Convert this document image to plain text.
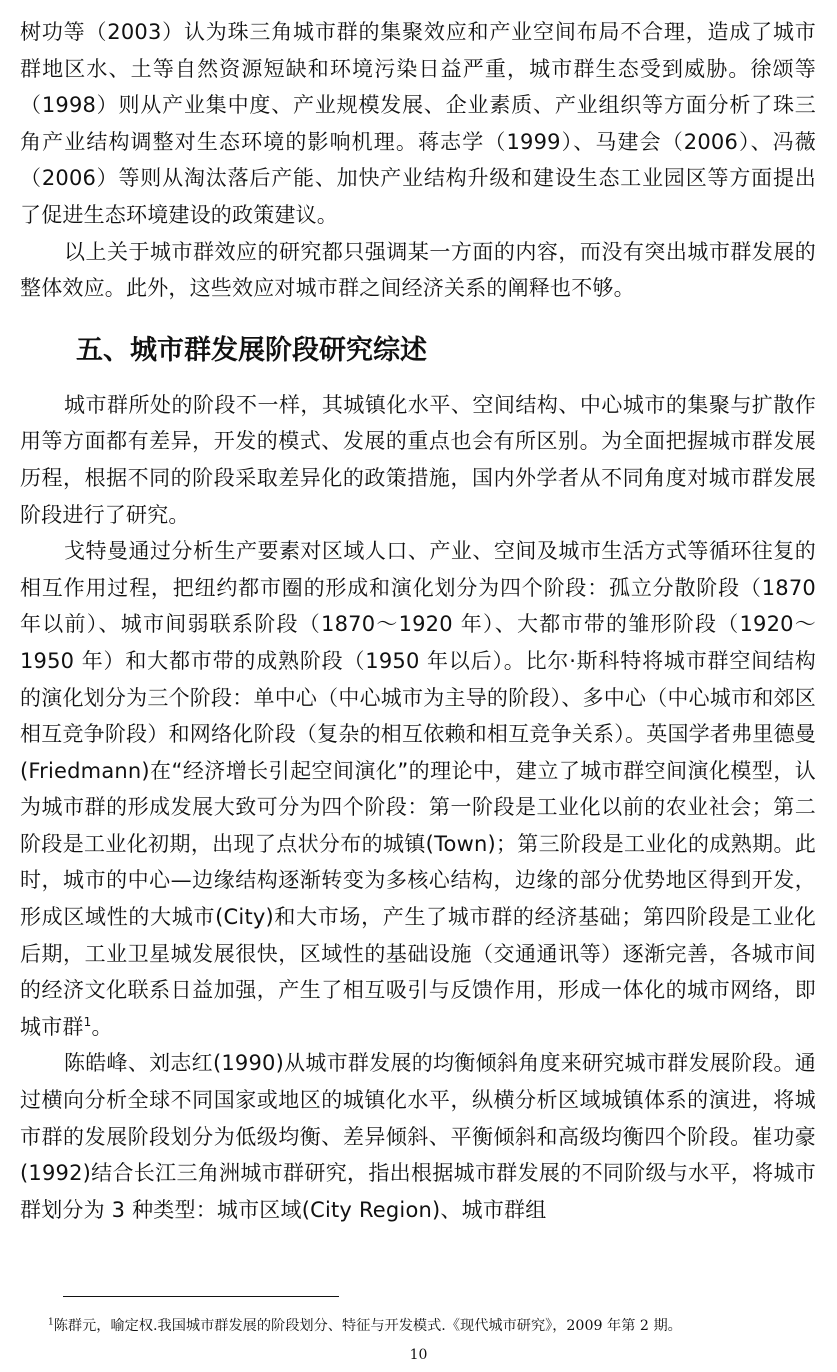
树功等（2003）认为珠三角城市群的集聚效应和产业空间布局不合理，造成了城市群地区水、土等自然资源短缺和环境污染日益严重，城市群生态受到威胁。徐颂等（1998）则从产业集中度、产业规模发展、企业素质、产业组织等方面分析了珠三角产业结构调整对生态环境的影响机理。蒋志学（1999）、马建会（2006）、冯薇（2006）等则从淘汰落后产能、加快产业结构升级和建设生态工业园区等方面提出了促进生态环境建设的政策建议。

以上关于城市群效应的研究都只强调某一方面的内容，而没有突出城市群发展的整体效应。此外，这些效应对城市群之间经济关系的阐释也不够。

五、城市群发展阶段研究综述

城市群所处的阶段不一样，其城镇化水平、空间结构、中心城市的集聚与扩散作用等方面都有差异，开发的模式、发展的重点也会有所区别。为全面把握城市群发展历程，根据不同的阶段采取差异化的政策措施，国内外学者从不同角度对城市群发展阶段进行了研究。

戈特曼通过分析生产要素对区域人口、产业、空间及城市生活方式等循环往复的相互作用过程，把纽约都市圈的形成和演化划分为四个阶段：孤立分散阶段（1870 年以前）、城市间弱联系阶段（1870～1920 年）、大都市带的雏形阶段（1920～1950 年）和大都市带的成熟阶段（1950 年以后）。比尔·斯科特将城市群空间结构的演化划分为三个阶段：单中心（中心城市为主导的阶段）、多中心（中心城市和郊区相互竞争阶段）和网络化阶段（复杂的相互依赖和相互竞争关系）。英国学者弗里德曼(Friedmann)在“经济增长引起空间演化”的理论中，建立了城市群空间演化模型，认为城市群的形成发展大致可分为四个阶段：第一阶段是工业化以前的农业社会；第二阶段是工业化初期，出现了点状分布的城镇(Town)；第三阶段是工业化的成熟期。此时，城市的中心—边缘结构逐渐转变为多核心结构，边缘的部分优势地区得到开发，形成区域性的大城市(City)和大市场，产生了城市群的经济基础；第四阶段是工业化后期，工业卫星城发展很快，区域性的基础设施（交通通讯等）逐渐完善，各城市间的经济文化联系日益加强，产生了相互吸引与反馈作用，形成一体化的城市网络，即城市群$^1$。

陈皓峰、刘志红(1990)从城市群发展的均衡倾斜角度来研究城市群发展阶段。通过横向分析全球不同国家或地区的城镇化水平，纵横分析区域城镇体系的演进，将城市群的发展阶段划分为低级均衡、差异倾斜、平衡倾斜和高级均衡四个阶段。崔功豪(1992)结合长江三角洲城市群研究，指出根据城市群发展的不同阶级与水平，将城市群划分为 3 种类型：城市区域(City Region)、城市群组

$^1$陈群元，喻定权.我国城市群发展的阶段划分、特征与开发模式.《现代城市研究》，2009 年第 2 期。
10
